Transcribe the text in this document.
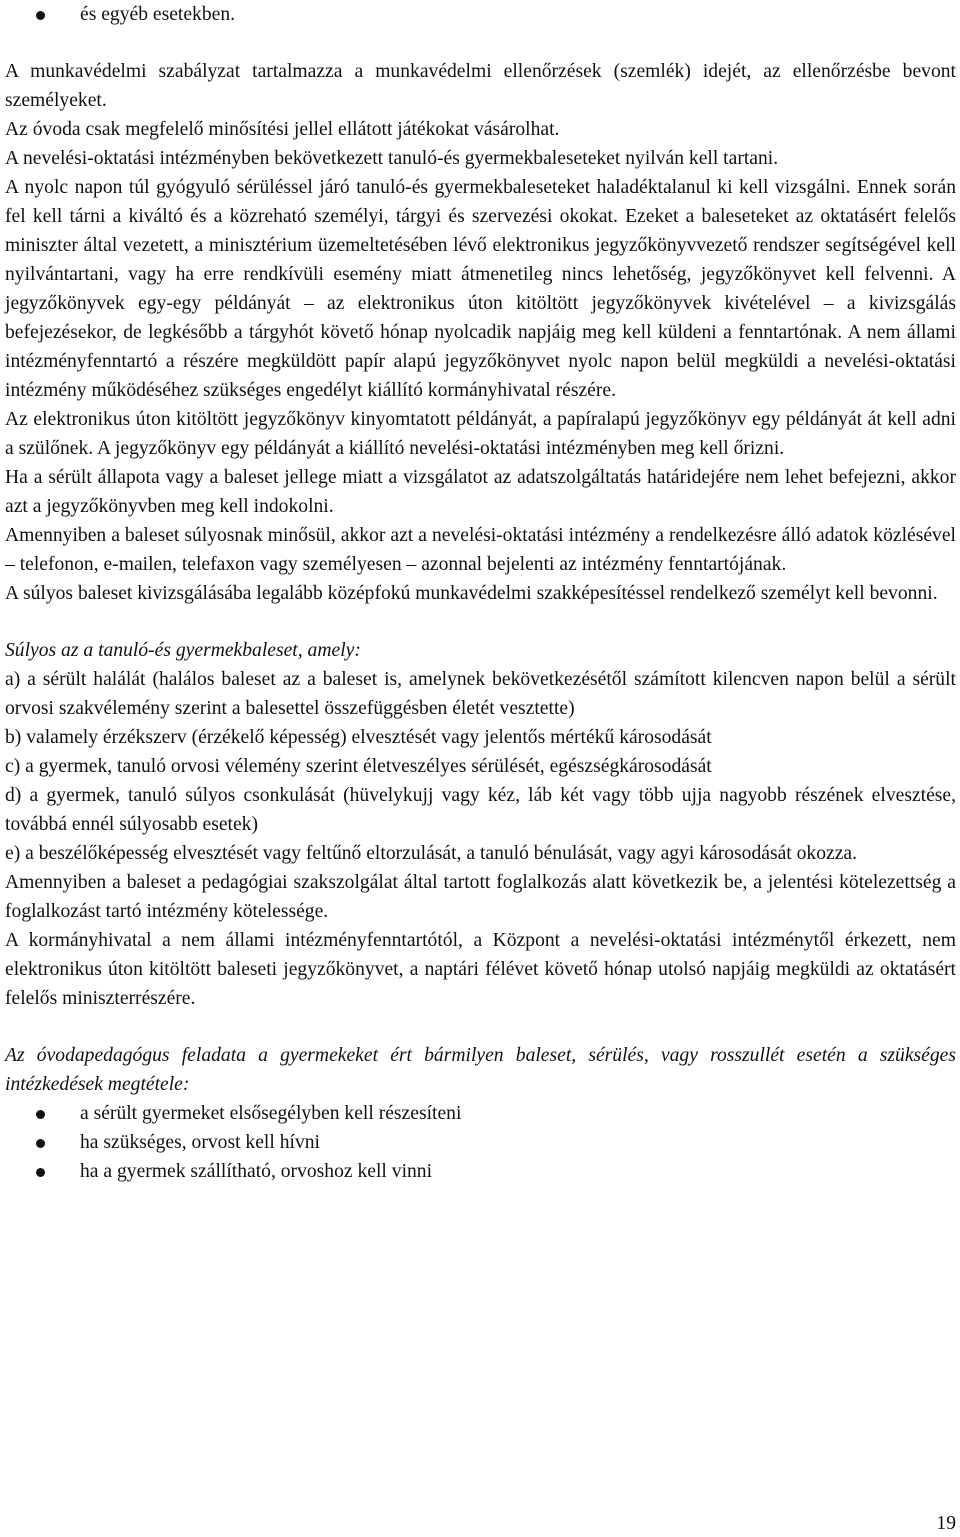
és egyéb esetekben.

A munkavédelmi szabályzat tartalmazza a munkavédelmi ellenőrzések (szemlék) idejét, az ellenőrzésbe bevont személyeket.

Az óvoda csak megfelelő minősítési jellel ellátott játékokat vásárolhat.

A nevelési-oktatási intézményben bekövetkezett tanuló-és gyermekbaleseteket nyilván kell tartani.

A nyolc napon túl gyógyuló sérüléssel járó tanuló-és gyermekbaleseteket haladéktalanul ki kell vizsgálni. Ennek során fel kell tárni a kiváltó és a közreható személyi, tárgyi és szervezési okokat. Ezeket a baleseteket az oktatásért felelős miniszter által vezetett, a minisztérium üzemeltetésében lévő elektronikus jegyzőkönyvvezető rendszer segítségével kell nyilvántartani, vagy ha erre rendkívüli esemény miatt átmenetileg nincs lehetőség, jegyzőkönyvet kell felvenni. A jegyzőkönyvek egy-egy példányát – az elektronikus úton kitöltött jegyzőkönyvek kivételével – a kivizsgálás befejezésekor, de legkésőbb a tárgyhót követő hónap nyolcadik napjáig meg kell küldeni a fenntartónak. A nem állami intézményfenntartó a részére megküldött papír alapú jegyzőkönyvet nyolc napon belül megküldi a nevelési-oktatási intézmény működéséhez szükséges engedélyt kiállító kormányhivatal részére.

Az elektronikus úton kitöltött jegyzőkönyv kinyomtatott példányát, a papíralapú jegyzőkönyv egy példányát át kell adni a szülőnek. A jegyzőkönyv egy példányát a kiállító nevelési-oktatási intézményben meg kell őrizni.

Ha a sérült állapota vagy a baleset jellege miatt a vizsgálatot az adatszolgáltatás határidejére nem lehet befejezni, akkor azt a jegyzőkönyvben meg kell indokolni.

Amennyiben a baleset súlyosnak minősül, akkor azt a nevelési-oktatási intézmény a rendelkezésre álló adatok közlésével – telefonon, e-mailen, telefaxon vagy személyesen – azonnal bejelenti az intézmény fenntartójának.

A súlyos baleset kivizsgálásába legalább középfokú munkavédelmi szakképesítéssel rendelkező személyt kell bevonni.

Súlyos az a tanuló-és gyermekbaleset, amely:

a) a sérült halálát (halálos baleset az a baleset is, amelynek bekövetkezésétől számított kilencven napon belül a sérült orvosi szakvélemény szerint a balesettel összefüggésben életét vesztette)

b) valamely érzékszerv (érzékelő képesség) elvesztését vagy jelentős mértékű károsodását

c) a gyermek, tanuló orvosi vélemény szerint életveszélyes sérülését, egészségkárosodását

d) a gyermek, tanuló súlyos csonkulását (hüvelykujj vagy kéz, láb két vagy több ujja nagyobb részének elvesztése, továbbá ennél súlyosabb esetek)

e) a beszélőképesség elvesztését vagy feltűnő eltorzulását, a tanuló bénulását, vagy agyi károsodását okozza.

Amennyiben a baleset a pedagógiai szakszolgálat által tartott foglalkozás alatt következik be, a jelentési kötelezettség a foglalkozást tartó intézmény kötelessége.

A kormányhivatal a nem állami intézményfenntartótól, a Központ a nevelési-oktatási intézménytől érkezett, nem elektronikus úton kitöltött baleseti jegyzőkönyvet, a naptári félévet követő hónap utolsó napjáig megküldi az oktatásért felelős miniszterrészére.

Az óvodapedagógus feladata a gyermekeket ért bármilyen baleset, sérülés, vagy rosszullét esetén a szükséges intézkedések megtétele:

a sérült gyermeket elsősegélyben kell részesíteni
ha szükséges, orvost kell hívni
ha a gyermek szállítható, orvoshoz kell vinni
19
